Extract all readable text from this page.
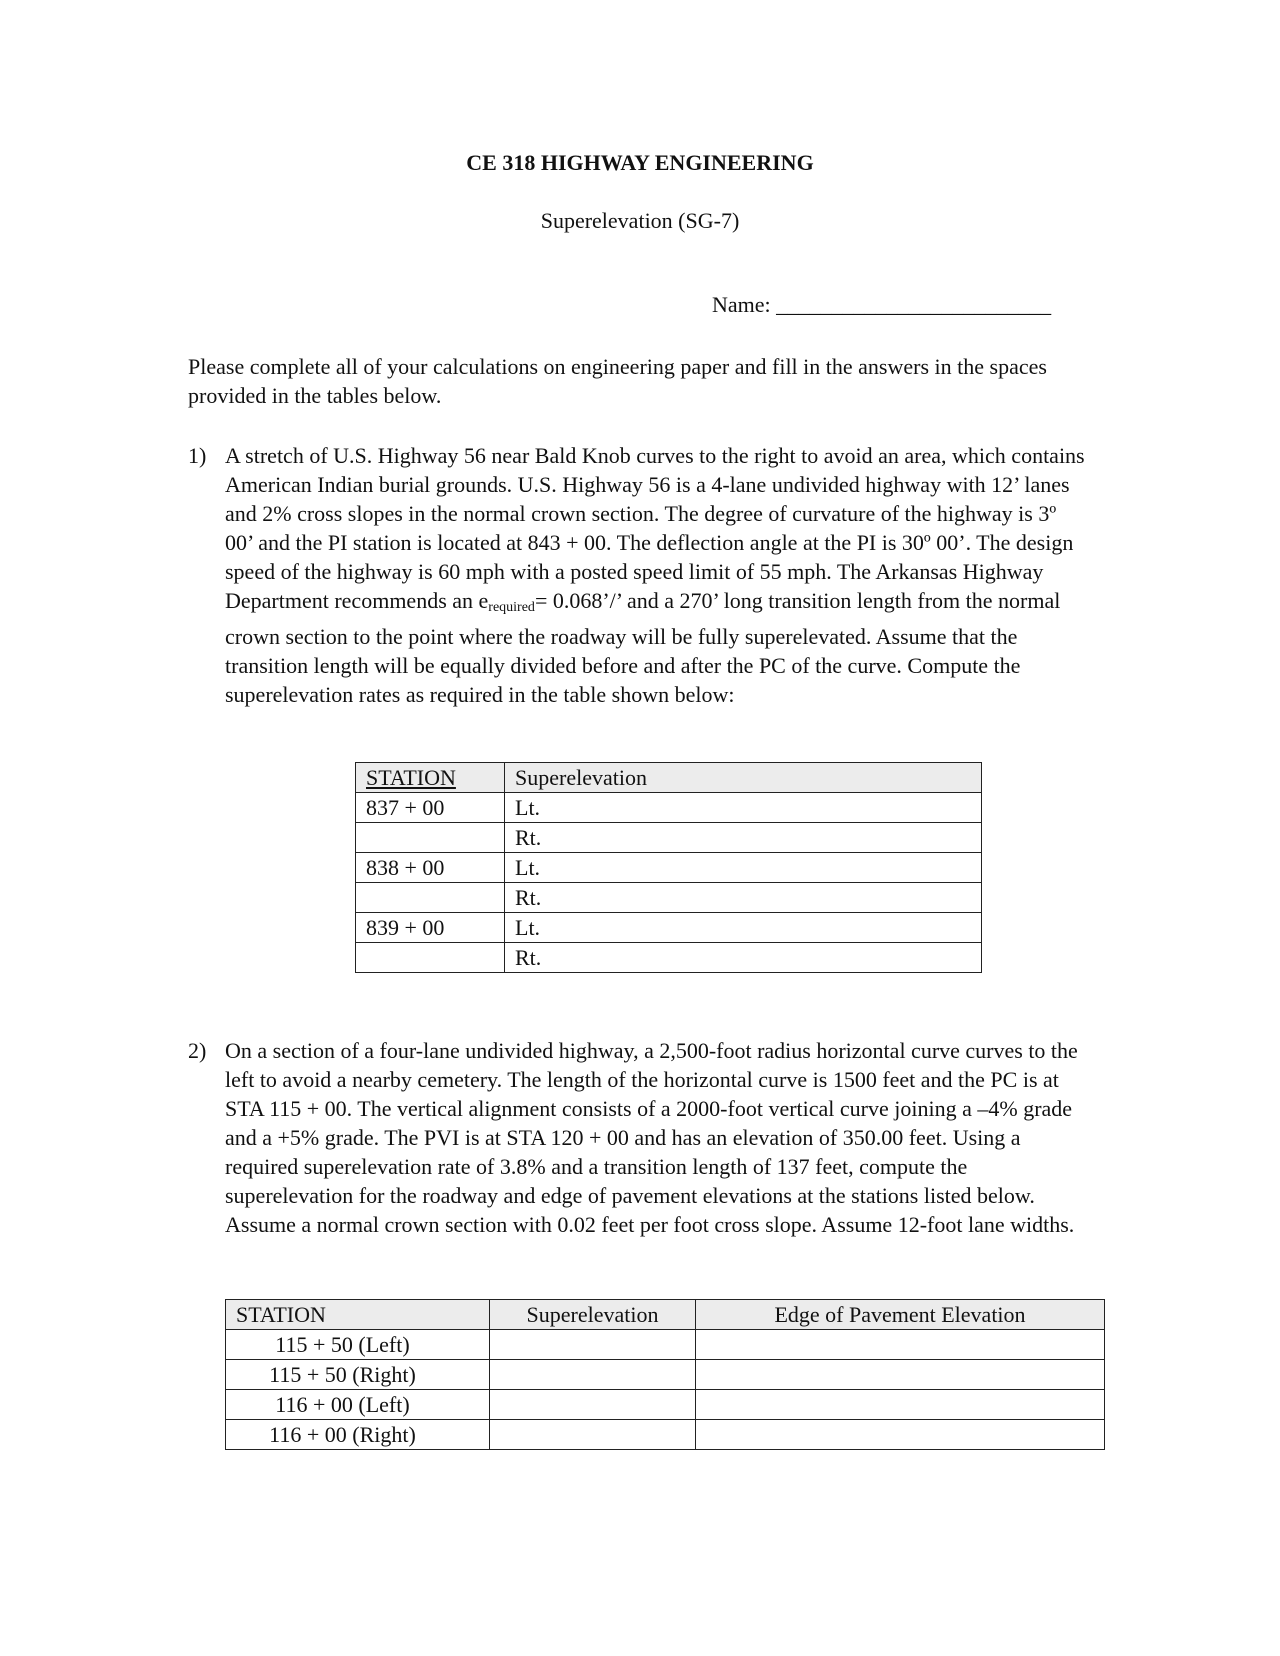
CE 318 HIGHWAY ENGINEERING
Superelevation (SG-7)
Name: _________________________
Please complete all of your calculations on engineering paper and fill in the answers in the spaces provided in the tables below.
1) A stretch of U.S. Highway 56 near Bald Knob curves to the right to avoid an area, which contains American Indian burial grounds. U.S. Highway 56 is a 4-lane undivided highway with 12’ lanes and 2% cross slopes in the normal crown section. The degree of curvature of the highway is 3º 00’ and the PI station is located at 843 + 00. The deflection angle at the PI is 30º 00’. The design speed of the highway is 60 mph with a posted speed limit of 55 mph. The Arkansas Highway Department recommends an $e_{required}=$ 0.068’/’ and a 270’ long transition length from the normal crown section to the point where the roadway will be fully superelevated. Assume that the transition length will be equally divided before and after the PC of the curve. Compute the superelevation rates as required in the table shown below:
STATION	Superelevation
837 + 00	Lt.
	Rt.
838 + 00	Lt.
	Rt.
839 + 00	Lt.
	Rt.
2) On a section of a four-lane undivided highway, a 2,500-foot radius horizontal curve curves to the left to avoid a nearby cemetery. The length of the horizontal curve is 1500 feet and the PC is at STA 115 + 00. The vertical alignment consists of a 2000-foot vertical curve joining a –4% grade and a +5% grade. The PVI is at STA 120 + 00 and has an elevation of 350.00 feet. Using a required superelevation rate of 3.8% and a transition length of 137 feet, compute the superelevation for the roadway and edge of pavement elevations at the stations listed below. Assume a normal crown section with 0.02 feet per foot cross slope. Assume 12-foot lane widths.
STATION	Superelevation	Edge of Pavement Elevation
115 + 50 (Left)		
115 + 50 (Right)		
116 + 00 (Left)		
116 + 00 (Right)		
